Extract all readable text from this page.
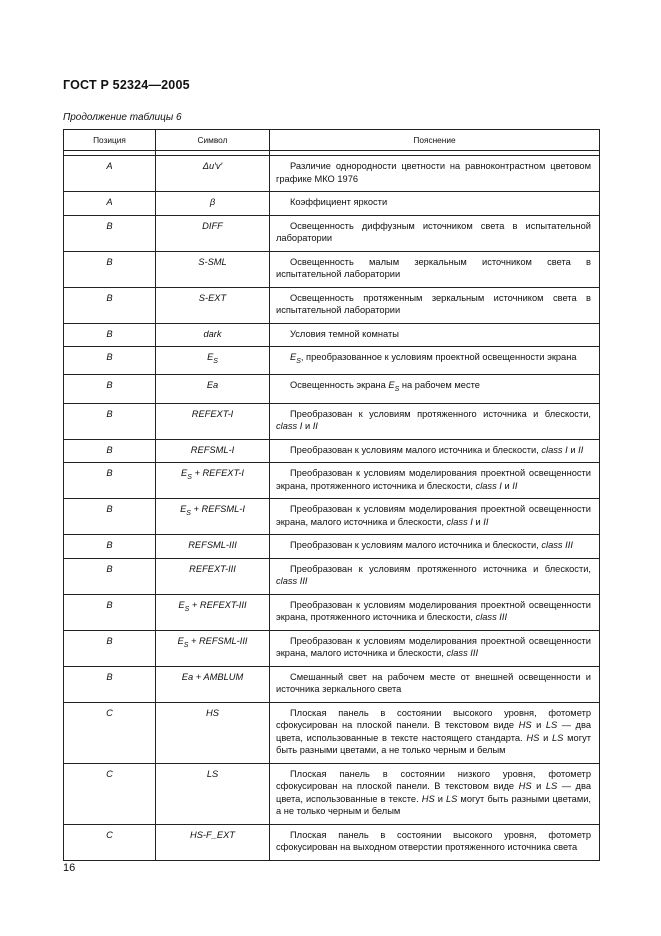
ГОСТ Р 52324—2005
Продолжение таблицы 6
Позиция	Символ	Пояснение

A	Δu′v′	Различие однородности цветности на равноконтрастном цветовом графике МКО 1976
A	β	Коэффициент яркости
B	DIFF	Освещенность диффузным источником света в испытательной лаборатории
B	S-SML	Освещенность малым зеркальным источником света в испытательной лаборатории
B	S-EXT	Освещенность протяженным зеркальным источником света в испытательной лаборатории
B	dark	Условия темной комнаты
B	$E_S$	$E_S$, преобразованное к условиям проектной освещенности экрана
B	Ea	Освещенность экрана $E_S$ на рабочем месте
B	REFEXT-I	Преобразован к условиям протяженного источника и блескости, class I и II
B	REFSML-I	Преобразован к условиям малого источника и блескости, class I и II
B	$E_S$ + REFEXT-I	Преобразован к условиям моделирования проектной освещенности экрана, протяженного источника и блескости, class I и II
B	$E_S$ + REFSML-I	Преобразован к условиям моделирования проектной освещенности экрана, малого источника и блескости, class I и II
B	REFSML-III	Преобразован к условиям малого источника и блескости, class III
B	REFEXT-III	Преобразован к условиям протяженного источника и блескости, class III
B	$E_S$ + REFEXT-III	Преобразован к условиям моделирования проектной освещенности экрана, протяженного источника и блескости, class III
B	$E_S$ + REFSML-III	Преобразован к условиям моделирования проектной освещенности экрана, малого источника и блескости, class III
B	Ea + AMBLUM	Смешанный свет на рабочем месте от внешней освещенности и источника зеркального света
C	HS	Плоская панель в состоянии высокого уровня, фотометр сфокусирован на плоской панели. В текстовом виде HS и LS — два цвета, использованные в тексте настоящего стандарта. HS и LS могут быть разными цветами, а не только черным и белым
C	LS	Плоская панель в состоянии низкого уровня, фотометр сфокусирован на плоской панели. В текстовом виде HS и LS — два цвета, использованные в тексте. HS и LS могут быть разными цветами, а не только черным и белым
C	HS-F_EXT	Плоская панель в состоянии высокого уровня, фотометр сфокусирован на выходном отверстии протяженного источника света
16
